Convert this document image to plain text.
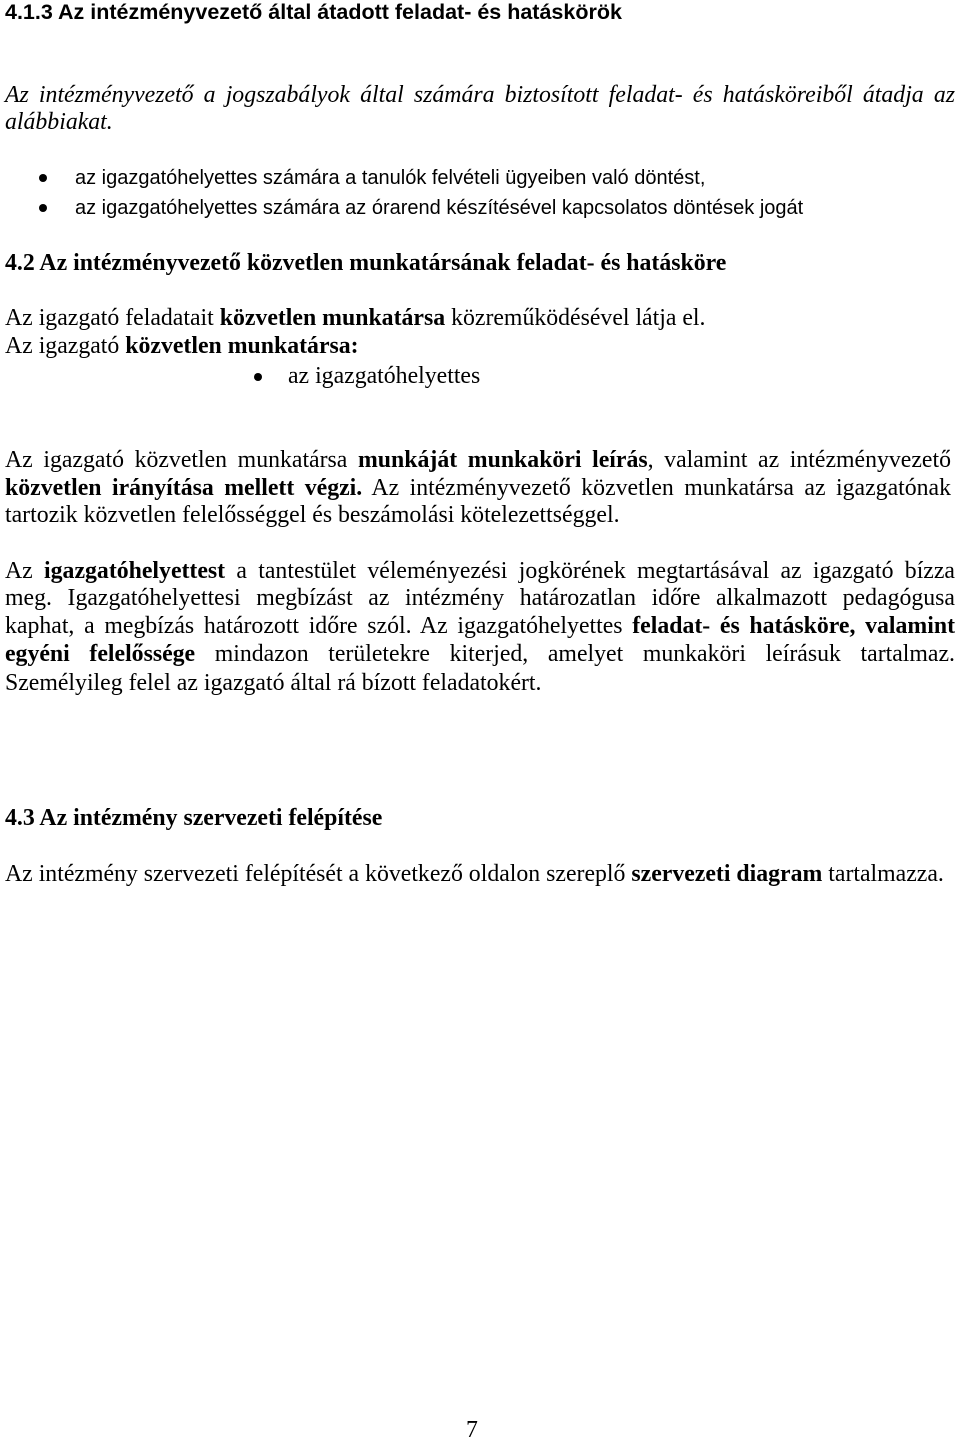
4.1.3 Az intézményvezető által átadott feladat- és hatáskörök
Az intézményvezető a jogszabályok által számára biztosított feladat- és hatásköreiből átadja az
alábbiakat.
az igazgatóhelyettes számára a tanulók felvételi ügyeiben való döntést,
az igazgatóhelyettes számára az órarend készítésével kapcsolatos döntések jogát
4.2 Az intézményvezető közvetlen munkatársának feladat- és hatásköre
Az igazgató feladatait közvetlen munkatársa közreműködésével látja el.
Az igazgató közvetlen munkatársa:
az igazgatóhelyettes
Az igazgató közvetlen munkatársa munkáját munkaköri leírás, valamint az intézményvezető
közvetlen irányítása mellett végzi. Az intézményvezető közvetlen munkatársa az igazgatónak
tartozik közvetlen felelősséggel és beszámolási kötelezettséggel.
Az igazgatóhelyettest a tantestület véleményezési jogkörének megtartásával az igazgató bízza
meg. Igazgatóhelyettesi megbízást az intézmény határozatlan időre alkalmazott pedagógusa
kaphat, a megbízás határozott időre szól. Az igazgatóhelyettes feladat- és hatásköre, valamint
egyéni felelőssége mindazon területekre kiterjed, amelyet munkaköri leírásuk tartalmaz.
Személyileg felel az igazgató által rá bízott feladatokért.
4.3 Az intézmény szervezeti felépítése
Az intézmény szervezeti felépítését a következő oldalon szereplő szervezeti diagram tartalmazza.
7
